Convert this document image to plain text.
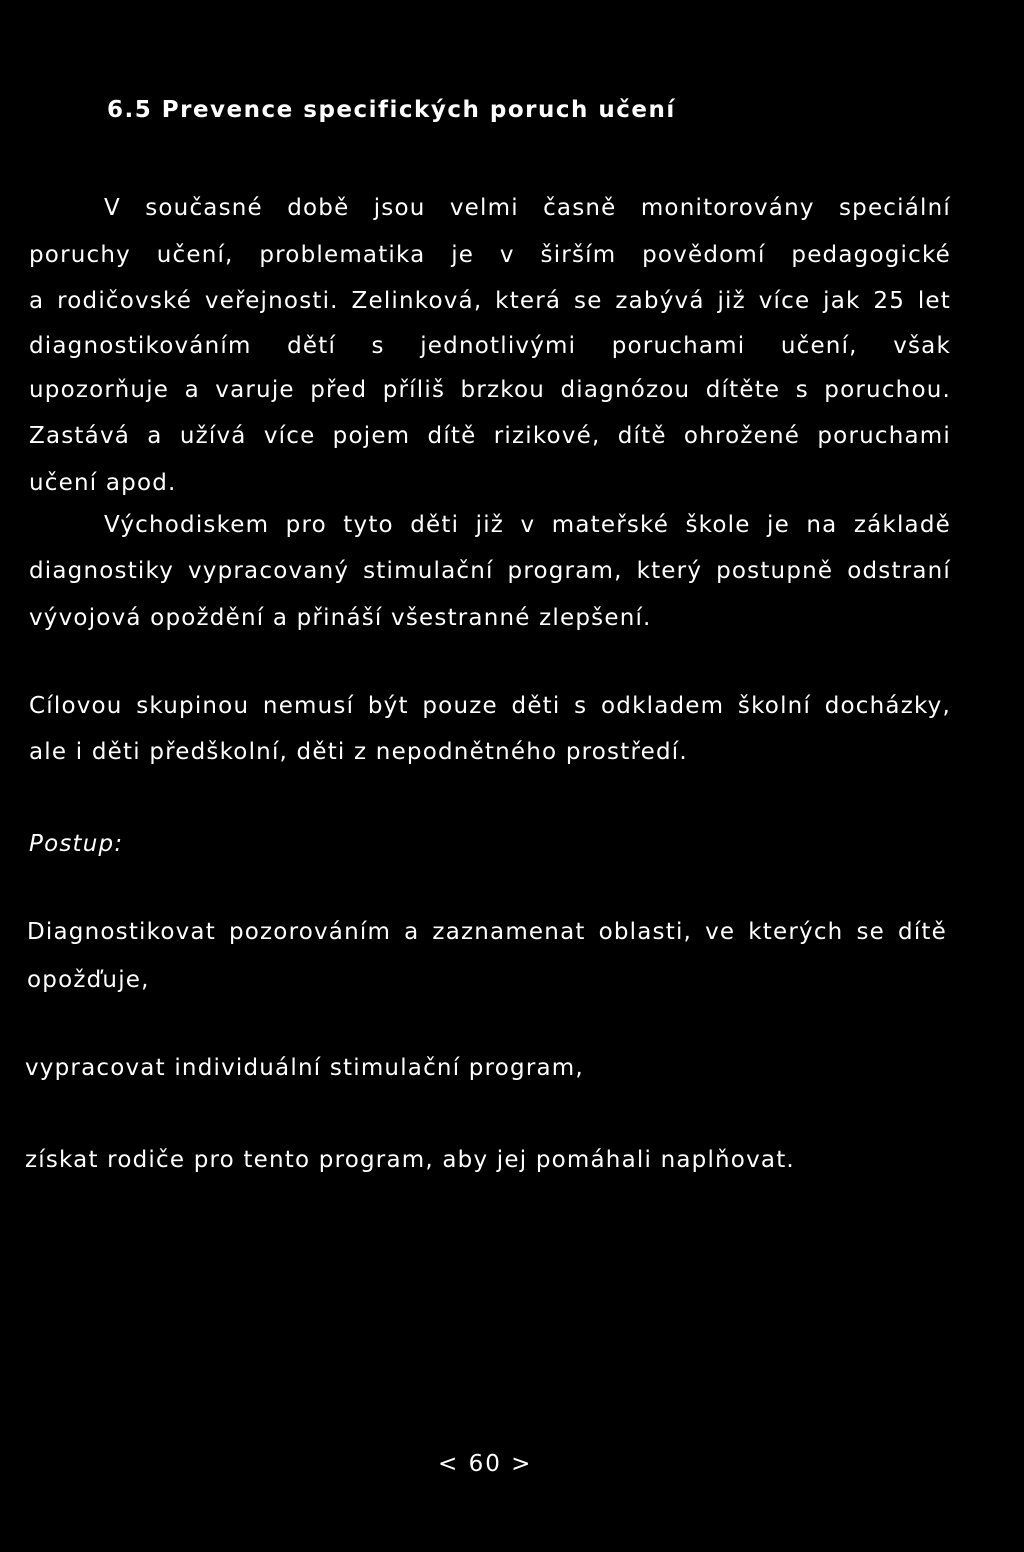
6.5 Prevence specifických poruch učení
V současné době jsou velmi časně monitorovány speciální
poruchy učení, problematika je v širším povědomí pedagogické
a rodičovské veřejnosti. Zelinková, která se zabývá již více jak 25 let
diagnostikováním dětí s jednotlivými poruchami učení, však
upozorňuje a varuje před příliš brzkou diagnózou dítěte s poruchou.
Zastává a užívá více pojem dítě rizikové, dítě ohrožené poruchami
učení apod.
Východiskem pro tyto děti již v mateřské škole je na základě
diagnostiky vypracovaný stimulační program, který postupně odstraní
vývojová opoždění a přináší všestranné zlepšení.
Cílovou skupinou nemusí být pouze děti s odkladem školní docházky,
ale i děti předškolní, děti z nepodnětného prostředí.
Postup:
Diagnostikovat pozorováním a zaznamenat oblasti, ve kterých se dítě
opožďuje,
vypracovat individuální stimulační program,
získat rodiče pro tento program, aby jej pomáhali naplňovat.
< 60 >
